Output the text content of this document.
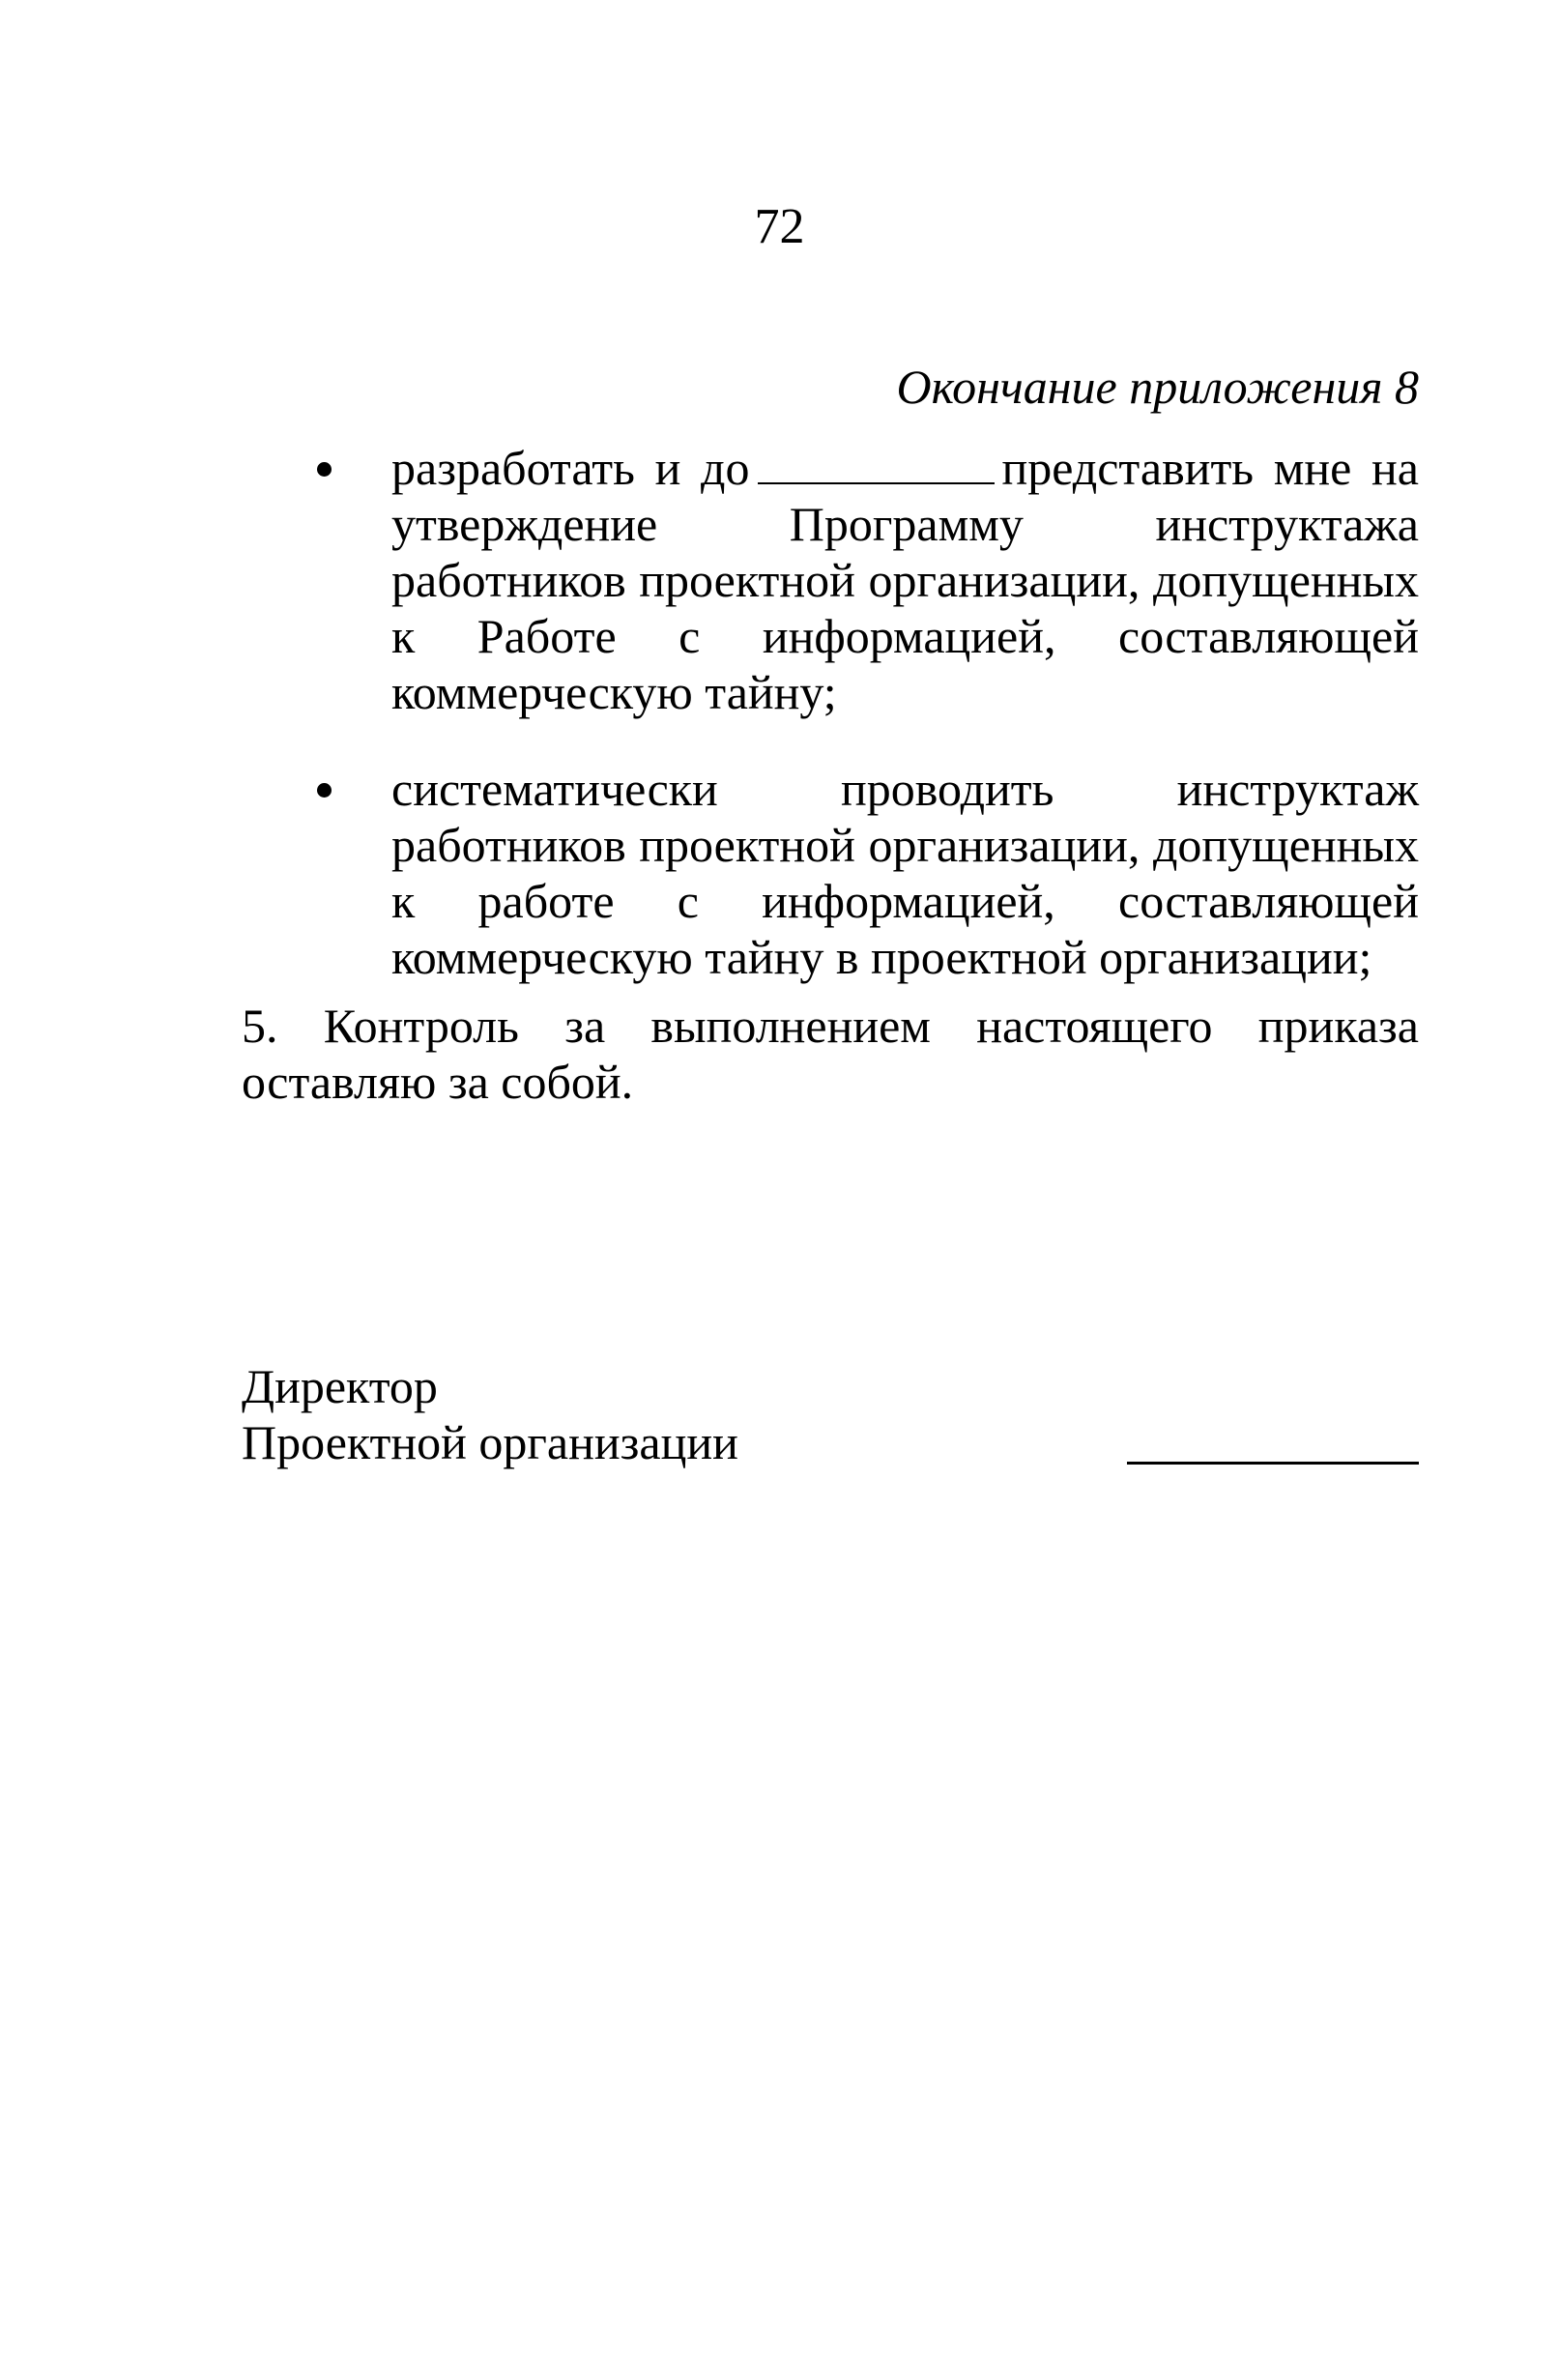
72
Окончание приложения 8
разработать и до	представить мне на утверждение Программу инструктажа работников проектной организации, допущенных к Работе с информацией, составляющей коммерческую тайну;
систематически проводить инструктаж работников проектной организации, допущенных к работе с информацией, составляющей коммерческую тайну в проектной организации;

5. Контроль за выполнением настоящего приказа оставляю за собой.

Директор
Проектной организации
